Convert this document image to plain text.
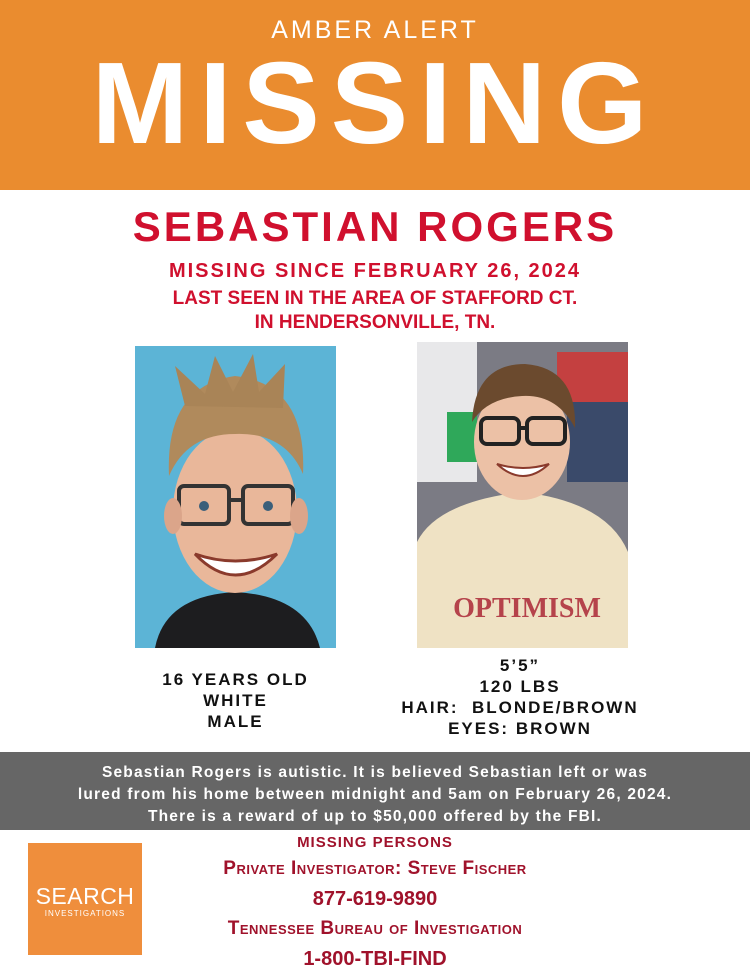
AMBER ALERT
MISSING
SEBASTIAN ROGERS
MISSING SINCE FEBRUARY 26, 2024
LAST SEEN IN THE AREA OF STAFFORD CT.
IN HENDERSONVILLE, TN.
OPTIMISM
16 YEARS OLD
WHITE
MALE
5’5”
120 LBS
HAIR:  BLONDE/BROWN
EYES: BROWN
Sebastian Rogers is autistic. It is believed Sebastian left or was
lured from his home between midnight and 5am on February 26, 2024.
There is a reward of up to $50,000 offered by the FBI.
SEARCH
INVESTIGATIONS
MISSING PERSONS
Private Investigator: Steve Fischer
877-619-9890
Tennessee Bureau of Investigation
1-800-TBI-FIND
